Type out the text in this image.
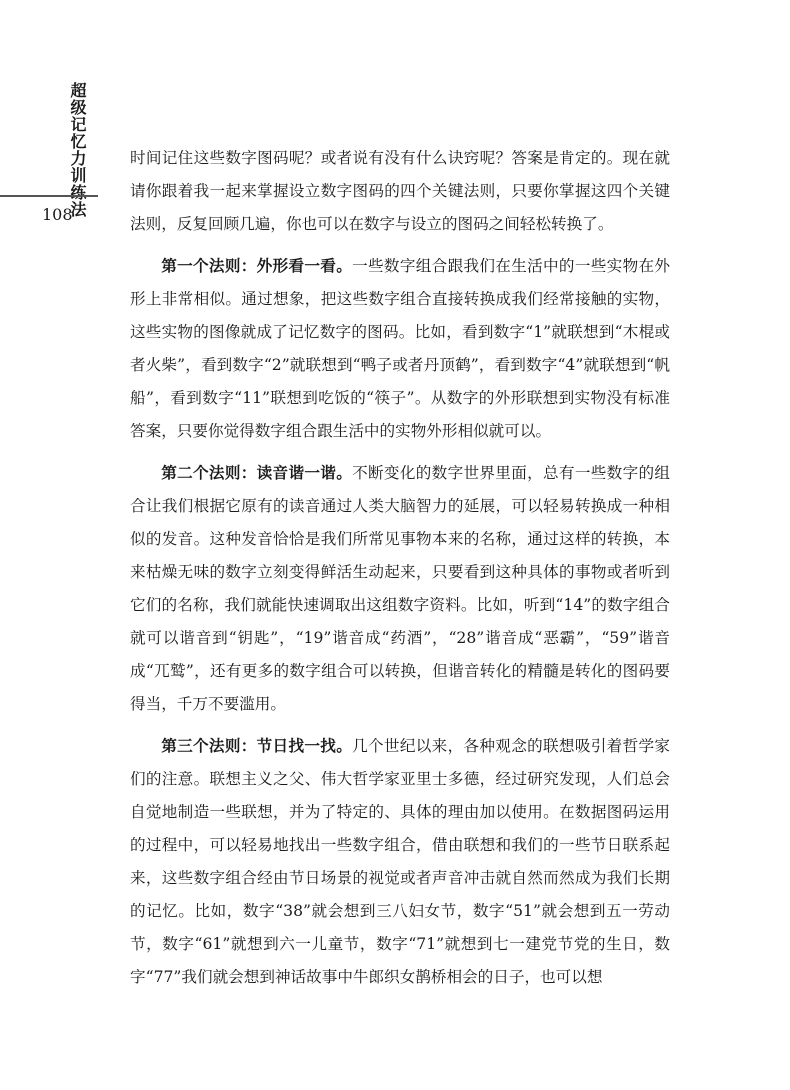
超级记忆力训练法
108

时间记住这些数字图码呢？或者说有没有什么诀窍呢？答案是肯定的。现在就请你跟着我一起来掌握设立数字图码的四个关键法则，只要你掌握这四个关键法则，反复回顾几遍，你也可以在数字与设立的图码之间轻松转换了。

第一个法则：外形看一看。一些数字组合跟我们在生活中的一些实物在外形上非常相似。通过想象，把这些数字组合直接转换成我们经常接触的实物，这些实物的图像就成了记忆数字的图码。比如，看到数字“1”就联想到“木棍或者火柴”，看到数字“2”就联想到“鸭子或者丹顶鹤”，看到数字“4”就联想到“帆船”，看到数字“11”联想到吃饭的“筷子”。从数字的外形联想到实物没有标准答案，只要你觉得数字组合跟生活中的实物外形相似就可以。

第二个法则：读音谐一谐。不断变化的数字世界里面，总有一些数字的组合让我们根据它原有的读音通过人类大脑智力的延展，可以轻易转换成一种相似的发音。这种发音恰恰是我们所常见事物本来的名称，通过这样的转换，本来枯燥无味的数字立刻变得鲜活生动起来，只要看到这种具体的事物或者听到它们的名称，我们就能快速调取出这组数字资料。比如，听到“14”的数字组合就可以谐音到“钥匙”，“19”谐音成“药酒”，“28”谐音成“恶霸”，“59”谐音成“兀鹫”，还有更多的数字组合可以转换，但谐音转化的精髓是转化的图码要得当，千万不要滥用。

第三个法则：节日找一找。几个世纪以来，各种观念的联想吸引着哲学家们的注意。联想主义之父、伟大哲学家亚里士多德，经过研究发现，人们总会自觉地制造一些联想，并为了特定的、具体的理由加以使用。在数据图码运用的过程中，可以轻易地找出一些数字组合，借由联想和我们的一些节日联系起来，这些数字组合经由节日场景的视觉或者声音冲击就自然而然成为我们长期的记忆。比如，数字“38”就会想到三八妇女节，数字“51”就会想到五一劳动节，数字“61”就想到六一儿童节，数字“71”就想到七一建党节党的生日，数字“77”我们就会想到神话故事中牛郎织女鹊桥相会的日子，也可以想
